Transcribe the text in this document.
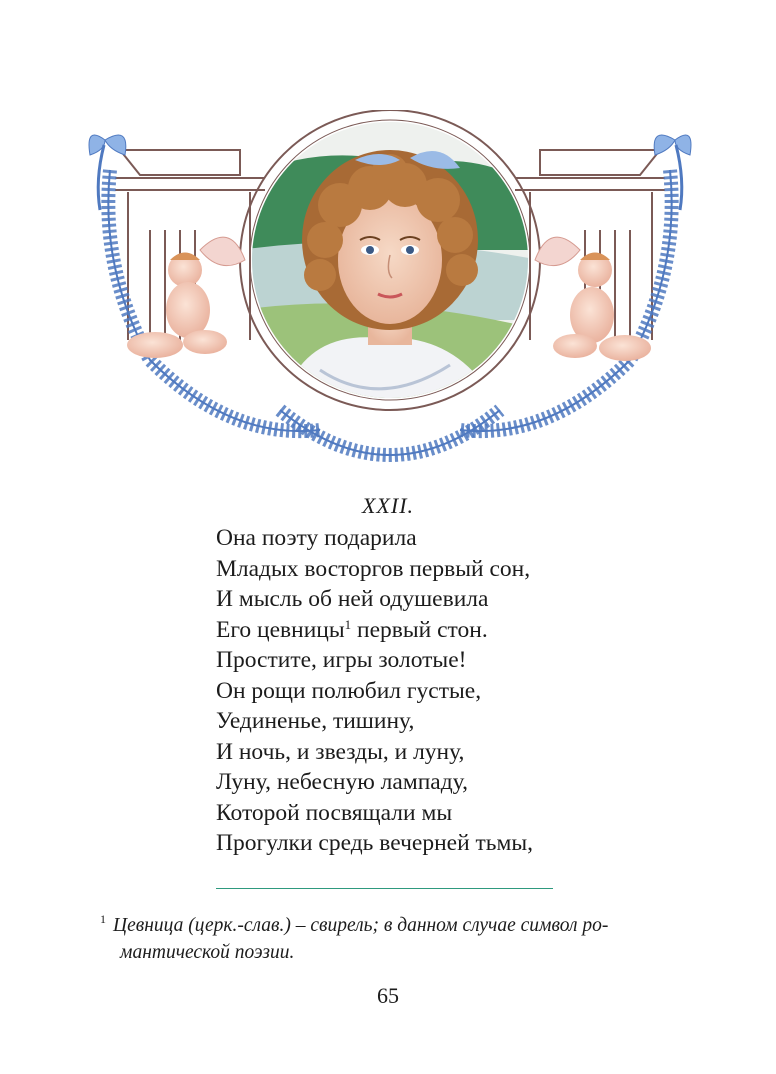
XXII.
Она поэту подарила
Младых восторгов первый сон,
И мысль об ней одушевила
Его цевницы$^1$ первый стон.
Простите, игры золотые!
Он рощи полюбил густые,
Уединенье, тишину,
И ночь, и звезды, и луну,
Луну, небесную лампаду,
Которой посвящали мы
Прогулки средь вечерней тьмы,
$^1$ Цевница (церк.-слав.) – свирель; в данном случае символ ро-
мантической поэзии.
65
